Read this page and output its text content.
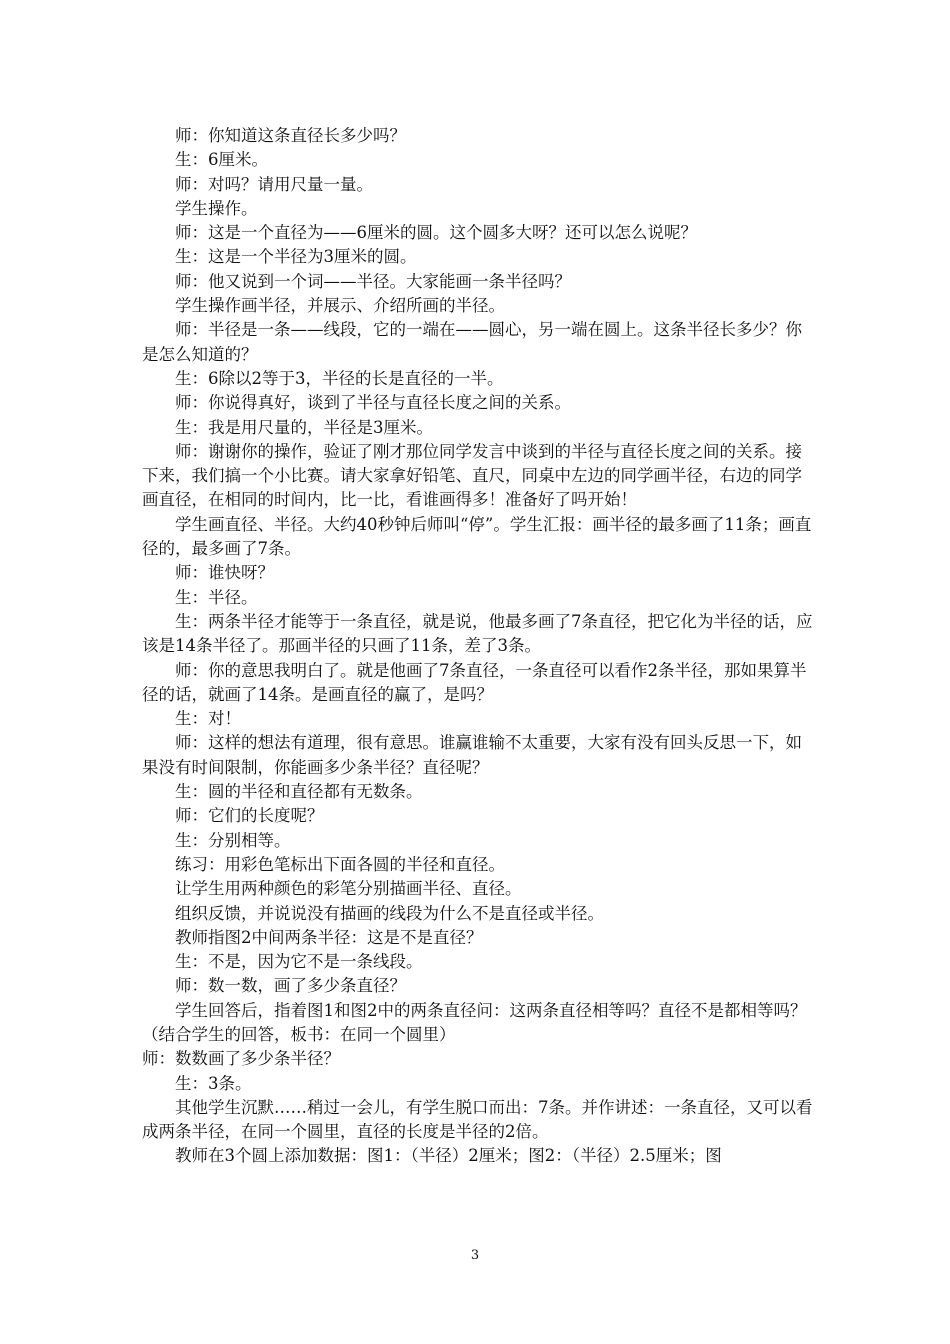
师：你知道这条直径长多少吗？

生：6厘米。

师：对吗？请用尺量一量。

学生操作。

师：这是一个直径为——6厘米的圆。这个圆多大呀？还可以怎么说呢？

生：这是一个半径为3厘米的圆。

师：他又说到一个词——半径。大家能画一条半径吗？

学生操作画半径，并展示、介绍所画的半径。

师：半径是一条——线段，它的一端在——圆心，另一端在圆上。这条半径长多少？你是怎么知道的？

生：6除以2等于3，半径的长是直径的一半。

师：你说得真好，谈到了半径与直径长度之间的关系。

生：我是用尺量的，半径是3厘米。

师：谢谢你的操作，验证了刚才那位同学发言中谈到的半径与直径长度之间的关系。接下来，我们搞一个小比赛。请大家拿好铅笔、直尺，同桌中左边的同学画半径，右边的同学画直径，在相同的时间内，比一比，看谁画得多！准备好了吗开始！

学生画直径、半径。大约40秒钟后师叫“停”。学生汇报：画半径的最多画了11条；画直径的，最多画了7条。

师：谁快呀？

生：半径。

生：两条半径才能等于一条直径，就是说，他最多画了7条直径，把它化为半径的话，应该是14条半径了。那画半径的只画了11条，差了3条。

师：你的意思我明白了。就是他画了7条直径，一条直径可以看作2条半径，那如果算半径的话，就画了14条。是画直径的赢了，是吗？

生：对！

师：这样的想法有道理，很有意思。谁赢谁输不太重要，大家有没有回头反思一下，如果没有时间限制，你能画多少条半径？直径呢？

生：圆的半径和直径都有无数条。

师：它们的长度呢？

生：分别相等。

练习：用彩色笔标出下面各圆的半径和直径。

让学生用两种颜色的彩笔分别描画半径、直径。

组织反馈，并说说没有描画的线段为什么不是直径或半径。

教师指图2中间两条半径：这是不是直径？

生：不是，因为它不是一条线段。

师：数一数，画了多少条直径？

学生回答后，指着图1和图2中的两条直径问：这两条直径相等吗？直径不是都相等吗？（结合学生的回答，板书：在同一个圆里）

师：数数画了多少条半径？

生：3条。

其他学生沉默……稍过一会儿，有学生脱口而出：7条。并作讲述：一条直径，又可以看成两条半径，在同一个圆里，直径的长度是半径的2倍。

教师在3个圆上添加数据：图1：（半径）2厘米；图2：（半径）2.5厘米；图

3
